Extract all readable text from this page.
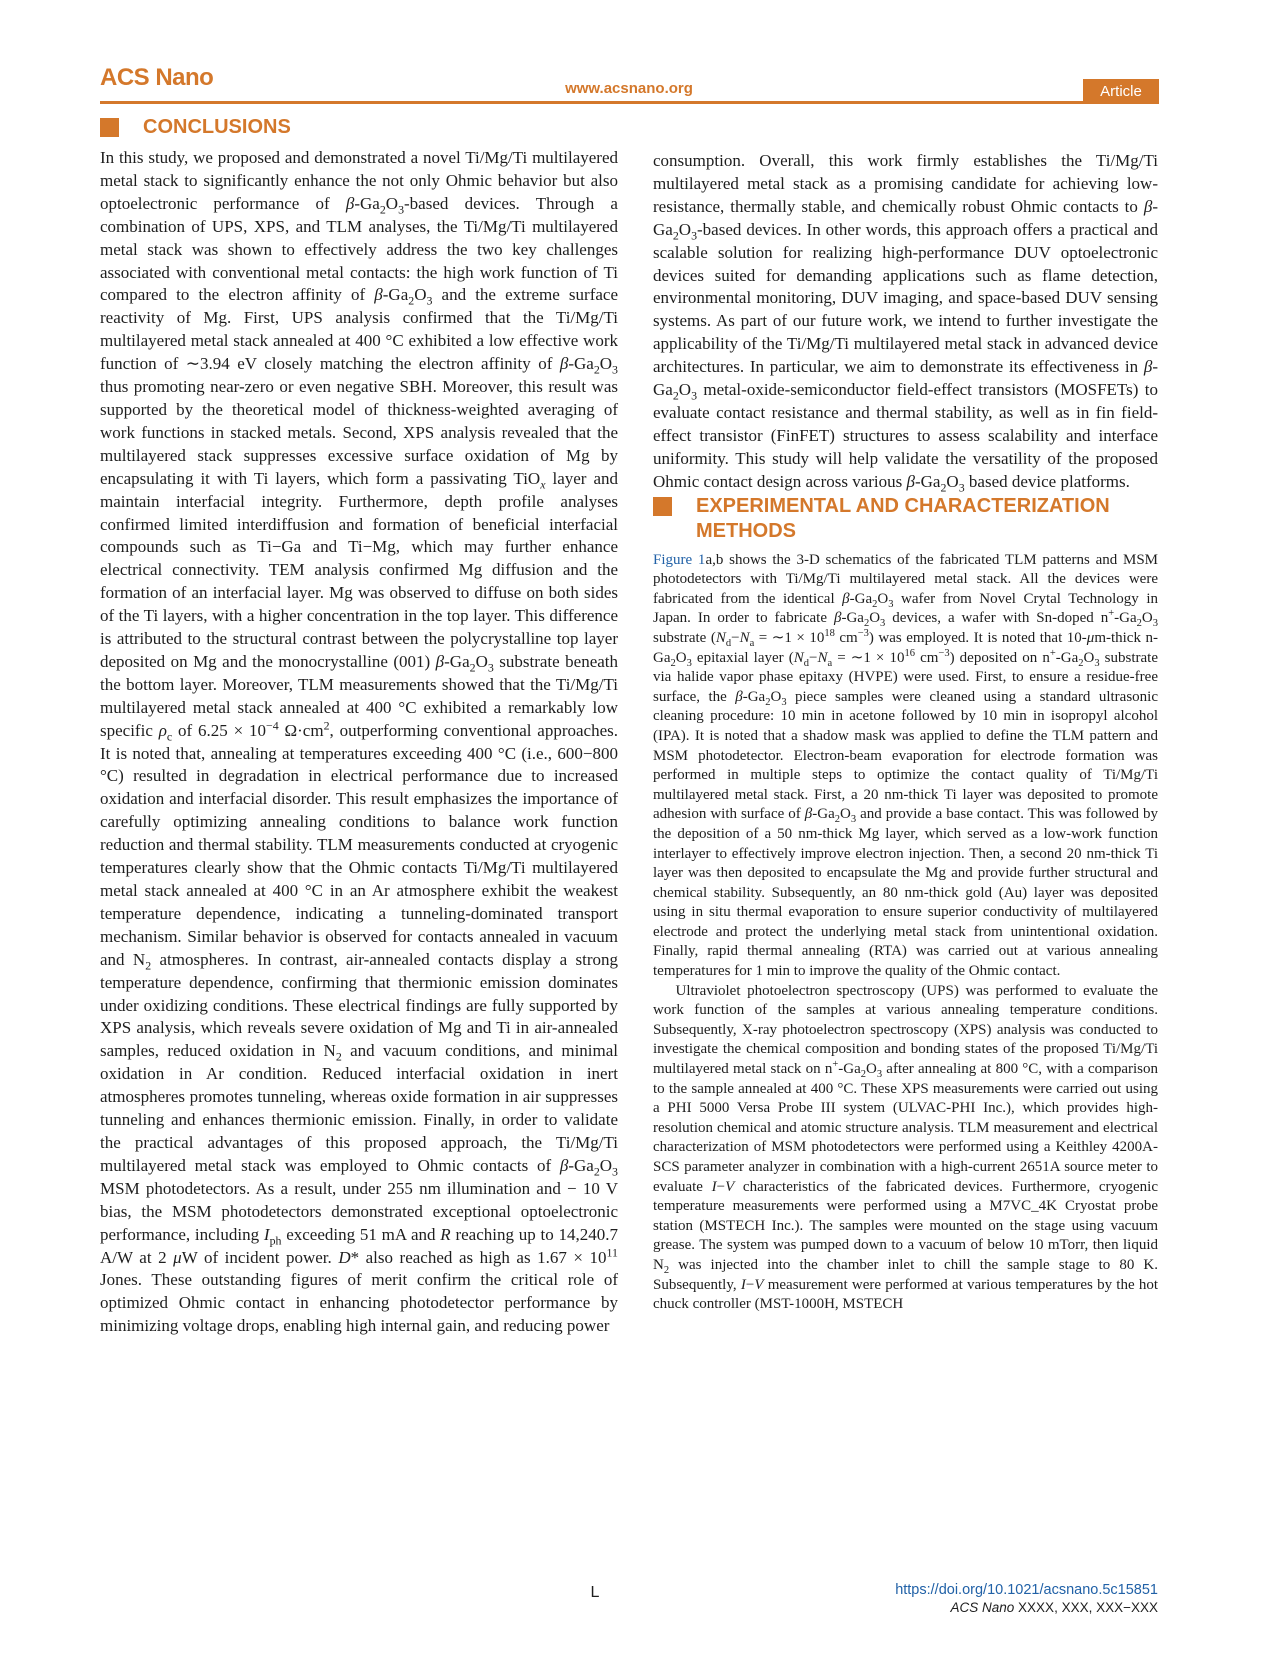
ACS Nano	www.acsnano.org	Article
CONCLUSIONS

In this study, we proposed and demonstrated a novel Ti/Mg/Ti multilayered metal stack to significantly enhance the not only Ohmic behavior but also optoelectronic performance of $\beta-Ga_2O_3$-based devices. Through a combination of UPS, XPS, and TLM analyses, the Ti/Mg/Ti multilayered metal stack was shown to effectively address the two key challenges associated with conventional metal contacts: the high work function of Ti compared to the electron affinity of $\beta-Ga_2O_3$ and the extreme surface reactivity of Mg. First, UPS analysis confirmed that the Ti/Mg/Ti multilayered metal stack annealed at 400 °C exhibited a low effective work function of ∼3.94 eV closely matching the electron affinity of $\beta-Ga_2O_3$ thus promoting near-zero or even negative SBH. Moreover, this result was supported by the theoretical model of thickness-weighted averaging of work functions in stacked metals. Second, XPS analysis revealed that the multilayered stack suppresses excessive surface oxidation of Mg by encapsulating it with Ti layers, which form a passivating TiO$_x$ layer and maintain interfacial integrity. Furthermore, depth profile analyses confirmed limited interdiffusion and formation of beneficial interfacial compounds such as Ti−Ga and Ti−Mg, which may further enhance electrical connectivity. TEM analysis confirmed Mg diffusion and the formation of an interfacial layer. Mg was observed to diffuse on both sides of the Ti layers, with a higher concentration in the top layer. This difference is attributed to the structural contrast between the polycrystalline top layer deposited on Mg and the monocrystalline (001) $\beta-Ga_2O_3$ substrate beneath the bottom layer. Moreover, TLM measurements showed that the Ti/Mg/Ti multilayered metal stack annealed at 400 °C exhibited a remarkably low specific $\rho_c$ of $6.25 \times 10^{-4}$ $\Omega\cdot cm^2$, outperforming conventional approaches. It is noted that, annealing at temperatures exceeding 400 °C (i.e., 600−800 °C) resulted in degradation in electrical performance due to increased oxidation and interfacial disorder. This result emphasizes the importance of carefully optimizing annealing conditions to balance work function reduction and thermal stability. TLM measurements conducted at cryogenic temperatures clearly show that the Ohmic contacts Ti/Mg/Ti multilayered metal stack annealed at 400 °C in an Ar atmosphere exhibit the weakest temperature dependence, indicating a tunneling-dominated transport mechanism. Similar behavior is observed for contacts annealed in vacuum and $N_2$ atmospheres. In contrast, air-annealed contacts display a strong temperature dependence, confirming that thermionic emission dominates under oxidizing conditions. These electrical findings are fully supported by XPS analysis, which reveals severe oxidation of Mg and Ti in air-annealed samples, reduced oxidation in $N_2$ and vacuum conditions, and minimal oxidation in Ar condition. Reduced interfacial oxidation in inert atmospheres promotes tunneling, whereas oxide formation in air suppresses tunneling and enhances thermionic emission. Finally, in order to validate the practical advantages of this proposed approach, the Ti/Mg/Ti multilayered metal stack was employed to Ohmic contacts of $\beta-Ga_2O_3$ MSM photodetectors. As a result, under 255 nm illumination and − 10 V bias, the MSM photodetectors demonstrated exceptional optoelectronic performance, including $I_{ph}$ exceeding 51 mA and R reaching up to 14,240.7 A/W at 2 μW of incident power. D* also reached as high as $1.67 \times 10^{11}$ Jones. These outstanding figures of merit confirm the critical role of optimized Ohmic contact in enhancing photodetector performance by minimizing voltage drops, enabling high internal gain, and reducing power

consumption. Overall, this work firmly establishes the Ti/Mg/Ti multilayered metal stack as a promising candidate for achieving low-resistance, thermally stable, and chemically robust Ohmic contacts to $\beta-Ga_2O_3$-based devices. In other words, this approach offers a practical and scalable solution for realizing high-performance DUV optoelectronic devices suited for demanding applications such as flame detection, environmental monitoring, DUV imaging, and space-based DUV sensing systems. As part of our future work, we intend to further investigate the applicability of the Ti/Mg/Ti multilayered metal stack in advanced device architectures. In particular, we aim to demonstrate its effectiveness in $\beta-Ga_2O_3$ metal-oxide-semiconductor field-effect transistors (MOSFETs) to evaluate contact resistance and thermal stability, as well as in fin field-effect transistor (FinFET) structures to assess scalability and interface uniformity. This study will help validate the versatility of the proposed Ohmic contact design across various $\beta-Ga_2O_3$ based device platforms.

EXPERIMENTAL AND CHARACTERIZATION METHODS

Figure 1a,b shows the 3-D schematics of the fabricated TLM patterns and MSM photodetectors with Ti/Mg/Ti multilayered metal stack. All the devices were fabricated from the identical $\beta-Ga_2O_3$ wafer from Novel Crytal Technology in Japan. In order to fabricate $\beta-Ga_2O_3$ devices, a wafer with Sn-doped $n^+-Ga_2O_3$ substrate ($N_d-N_a$ = ∼1 × $10^{18}$ $cm^{-3}$) was employed. It is noted that 10-μm-thick $n-Ga_2O_3$ epitaxial layer ($N_d-N_a$ = ∼1 × $10^{16}$ $cm^{-3}$) deposited on $n^+-Ga_2O_3$ substrate via halide vapor phase epitaxy (HVPE) were used. First, to ensure a residue-free surface, the $\beta-Ga_2O_3$ piece samples were cleaned using a standard ultrasonic cleaning procedure: 10 min in acetone followed by 10 min in isopropyl alcohol (IPA). It is noted that a shadow mask was applied to define the TLM pattern and MSM photodetector. Electron-beam evaporation for electrode formation was performed in multiple steps to optimize the contact quality of Ti/Mg/Ti multilayered metal stack. First, a 20 nm-thick Ti layer was deposited to promote adhesion with surface of $\beta-Ga_2O_3$ and provide a base contact. This was followed by the deposition of a 50 nm-thick Mg layer, which served as a low-work function interlayer to effectively improve electron injection. Then, a second 20 nm-thick Ti layer was then deposited to encapsulate the Mg and provide further structural and chemical stability. Subsequently, an 80 nm-thick gold (Au) layer was deposited using in situ thermal evaporation to ensure superior conductivity of multilayered electrode and protect the underlying metal stack from unintentional oxidation. Finally, rapid thermal annealing (RTA) was carried out at various annealing temperatures for 1 min to improve the quality of the Ohmic contact.

Ultraviolet photoelectron spectroscopy (UPS) was performed to evaluate the work function of the samples at various annealing temperature conditions. Subsequently, X-ray photoelectron spectroscopy (XPS) analysis was conducted to investigate the chemical composition and bonding states of the proposed Ti/Mg/Ti multilayered metal stack on $n^+-Ga_2O_3$ after annealing at 800 °C, with a comparison to the sample annealed at 400 °C. These XPS measurements were carried out using a PHI 5000 Versa Probe III system (ULVAC-PHI Inc.), which provides high-resolution chemical and atomic structure analysis. TLM measurement and electrical characterization of MSM photodetectors were performed using a Keithley 4200A-SCS parameter analyzer in combination with a high-current 2651A source meter to evaluate I−V characteristics of the fabricated devices. Furthermore, cryogenic temperature measurements were performed using a M7VC_4K Cryostat probe station (MSTECH Inc.). The samples were mounted on the stage using vacuum grease. The system was pumped down to a vacuum of below 10 mTorr, then liquid $N_2$ was injected into the chamber inlet to chill the sample stage to 80 K. Subsequently, I−V measurement were performed at various temperatures by the hot chuck controller (MST-1000H, MSTECH

L	https://doi.org/10.1021/acsnano.5c15851
ACS Nano XXXX, XXX, XXX−XXX
